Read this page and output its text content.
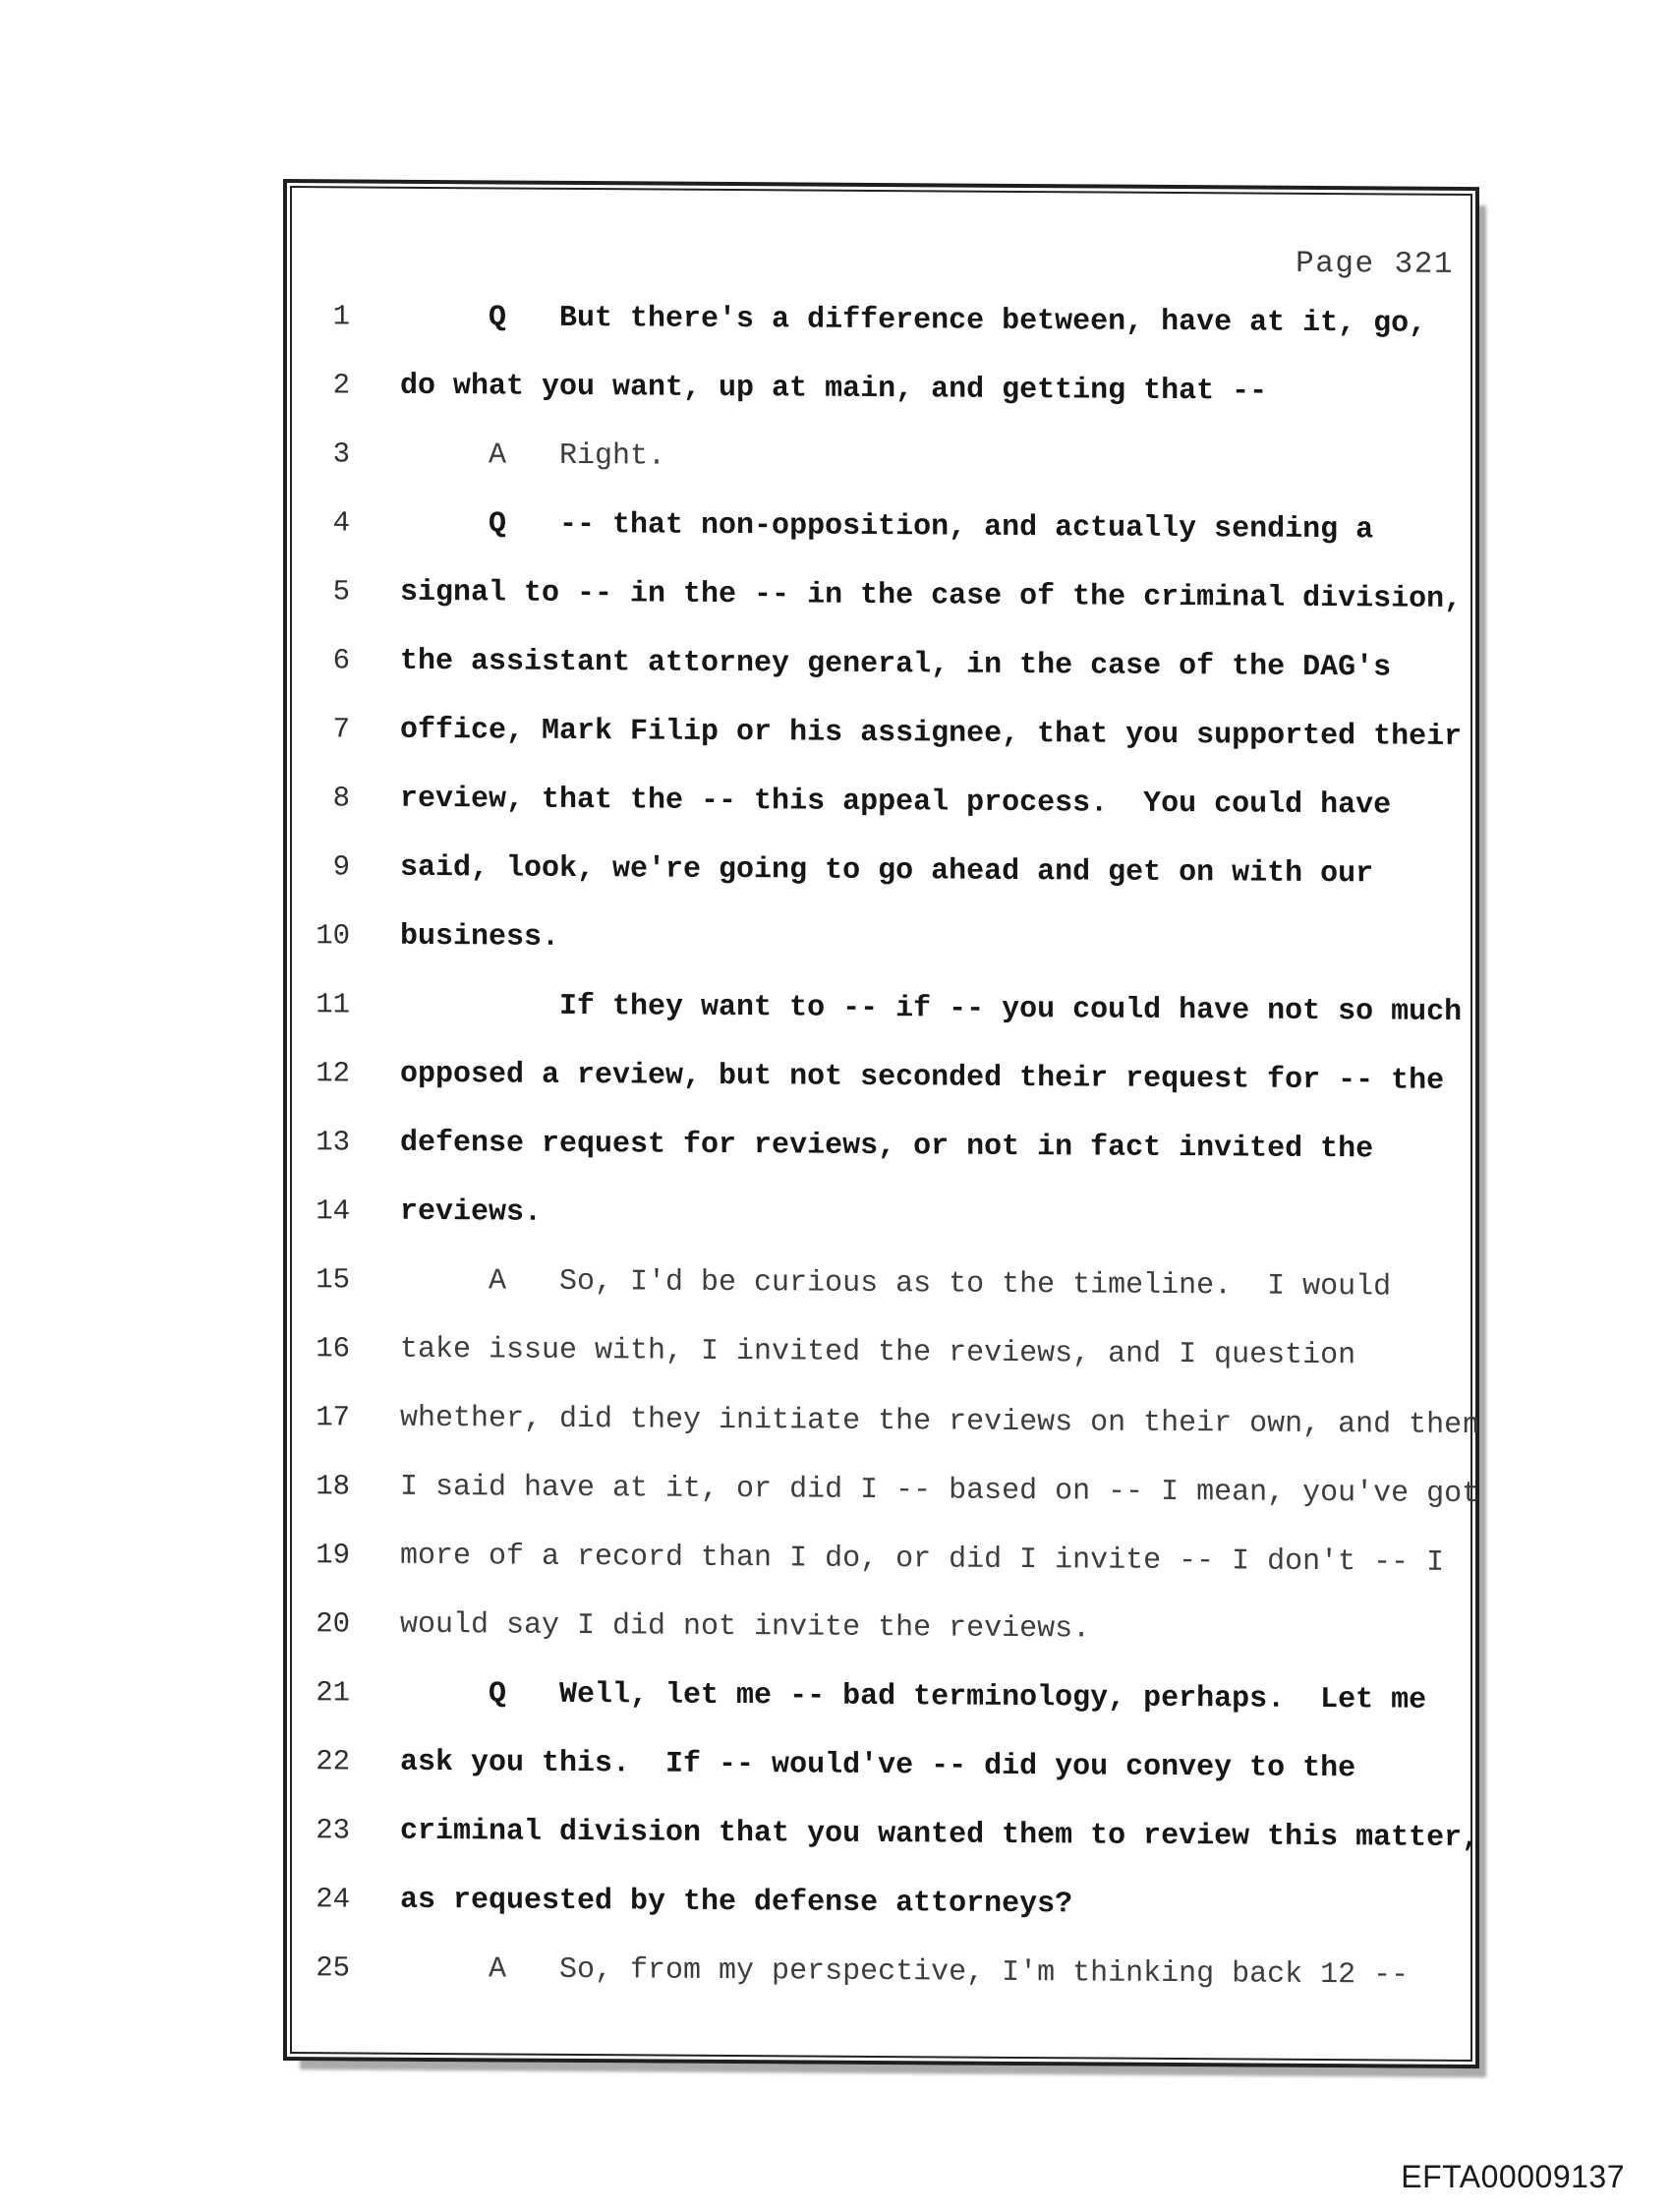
Page 321
1 Q   But there's a difference between, have at it, go,
2 do what you want, up at main, and getting that --
3 A   Right.
4 Q   -- that non-opposition, and actually sending a
5 signal to -- in the -- in the case of the criminal division,
6 the assistant attorney general, in the case of the DAG's
7 office, Mark Filip or his assignee, that you supported their
8 review, that the -- this appeal process.  You could have
9 said, look, we're going to go ahead and get on with our
10 business.
11 If they want to -- if -- you could have not so much
12 opposed a review, but not seconded their request for -- the
13 defense request for reviews, or not in fact invited the
14 reviews.
15 A   So, I'd be curious as to the timeline.  I would
16 take issue with, I invited the reviews, and I question
17 whether, did they initiate the reviews on their own, and then
18 I said have at it, or did I -- based on -- I mean, you've got
19 more of a record than I do, or did I invite -- I don't -- I
20 would say I did not invite the reviews.
21 Q   Well, let me -- bad terminology, perhaps.  Let me
22 ask you this.  If -- would've -- did you convey to the
23 criminal division that you wanted them to review this matter,
24 as requested by the defense attorneys?
25 A   So, from my perspective, I'm thinking back 12 --
EFTA00009137
